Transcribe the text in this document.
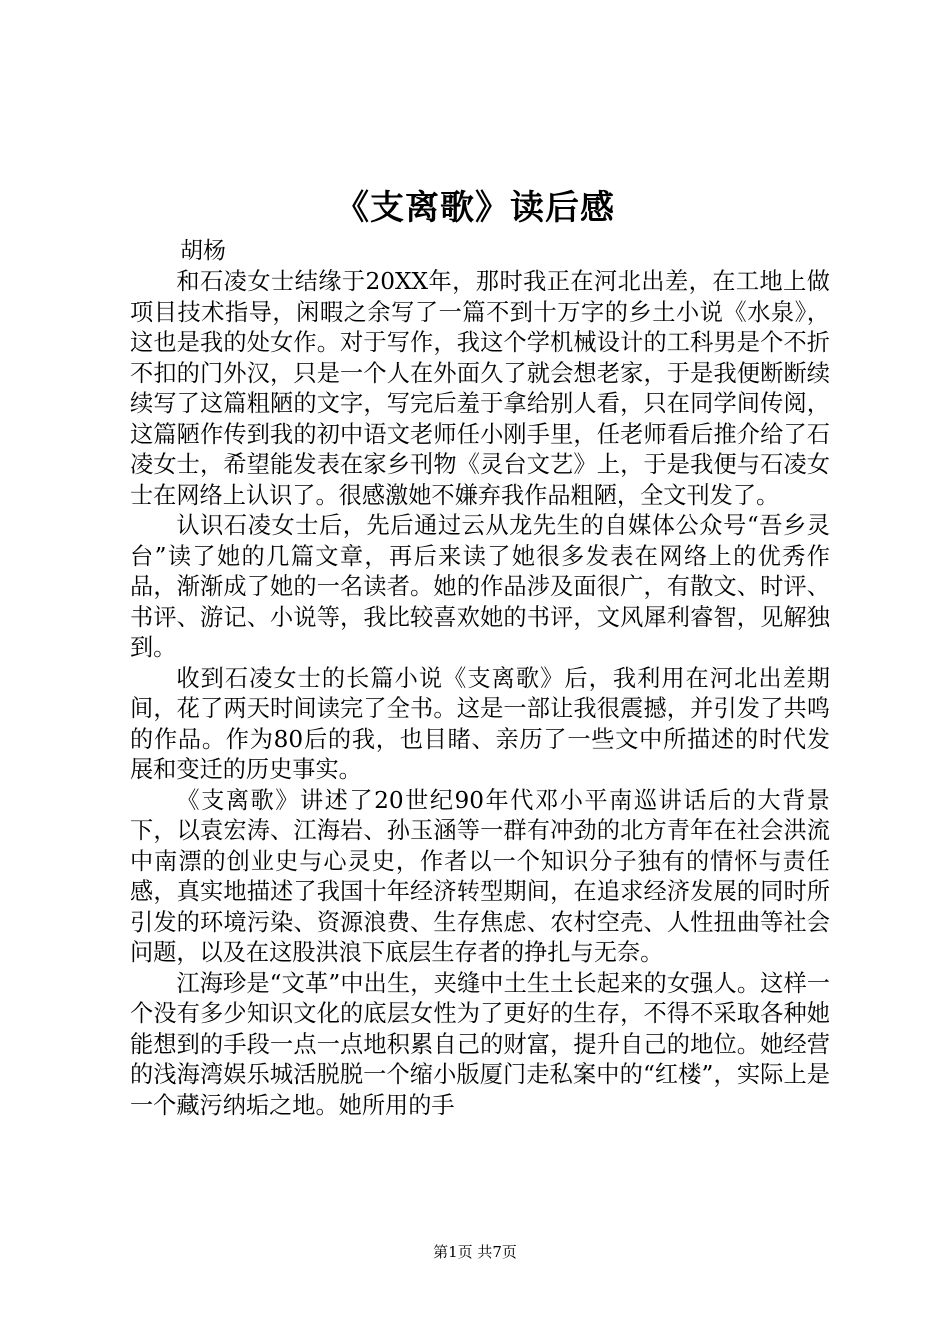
《支离歌》读后感
胡杨

和石凌女士结缘于20XX年，那时我正在河北出差，在工地上做项目技术指导，闲暇之余写了一篇不到十万字的乡土小说《水泉》，这也是我的处女作。对于写作，我这个学机械设计的工科男是个不折不扣的门外汉，只是一个人在外面久了就会想老家，于是我便断断续续写了这篇粗陋的文字，写完后羞于拿给别人看，只在同学间传阅，这篇陋作传到我的初中语文老师任小刚手里，任老师看后推介给了石凌女士，希望能发表在家乡刊物《灵台文艺》上，于是我便与石凌女士在网络上认识了。很感激她不嫌弃我作品粗陋，全文刊发了。

认识石凌女士后，先后通过云从龙先生的自媒体公众号“吾乡灵台”读了她的几篇文章，再后来读了她很多发表在网络上的优秀作品，渐渐成了她的一名读者。她的作品涉及面很广，有散文、时评、书评、游记、小说等，我比较喜欢她的书评，文风犀利睿智，见解独到。

收到石凌女士的长篇小说《支离歌》后，我利用在河北出差期间，花了两天时间读完了全书。这是一部让我很震撼，并引发了共鸣的作品。作为80后的我，也目睹、亲历了一些文中所描述的时代发展和变迁的历史事实。

《支离歌》讲述了20世纪90年代邓小平南巡讲话后的大背景下，以袁宏涛、江海岩、孙玉涵等一群有冲劲的北方青年在社会洪流中南漂的创业史与心灵史，作者以一个知识分子独有的情怀与责任感，真实地描述了我国十年经济转型期间，在追求经济发展的同时所引发的环境污染、资源浪费、生存焦虑、农村空壳、人性扭曲等社会问题，以及在这股洪浪下底层生存者的挣扎与无奈。

江海珍是“文革”中出生，夹缝中土生土长起来的女强人。这样一个没有多少知识文化的底层女性为了更好的生存，不得不采取各种她能想到的手段一点一点地积累自己的财富，提升自己的地位。她经营的浅海湾娱乐城活脱脱一个缩小版厦门走私案中的“红楼”，实际上是一个藏污纳垢之地。她所用的手

第1页 共7页
